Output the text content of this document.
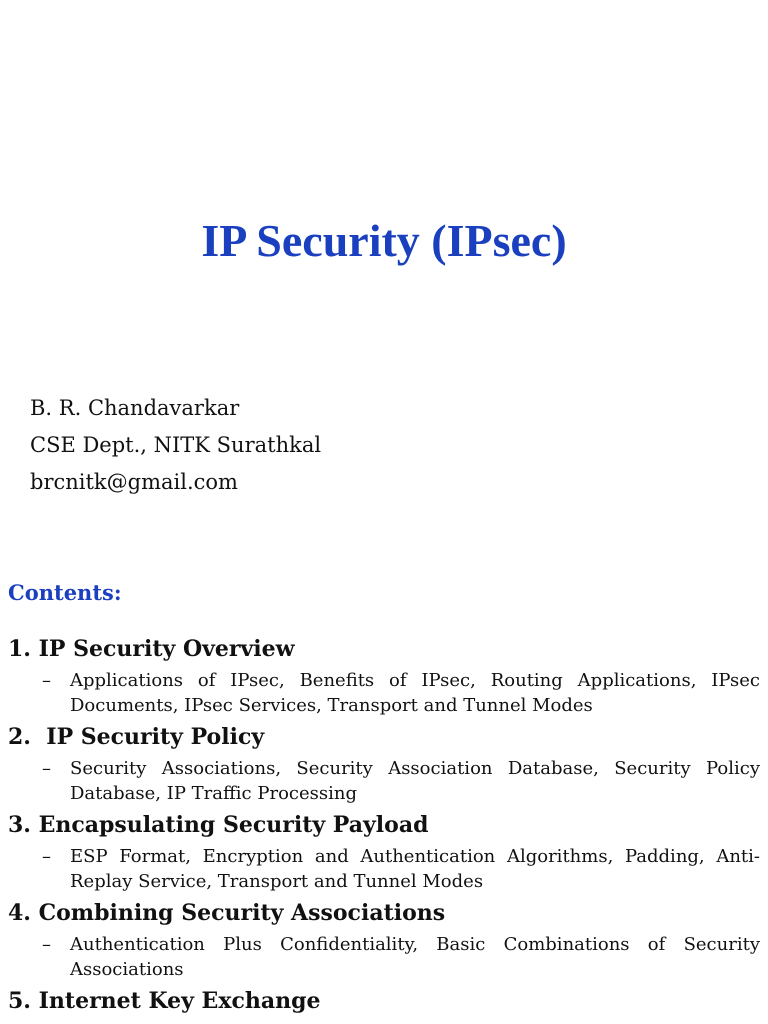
IP Security (IPsec)
B. R. Chandavarkar
CSE Dept., NITK Surathkal
brcnitk@gmail.com
Contents:
1. IP Security Overview
–	Applications of IPsec, Benefits of IPsec, Routing Applications, IPsec Documents, IPsec Services, Transport and Tunnel Modes
2.  IP Security Policy
–	Security Associations, Security Association Database, Security Policy Database, IP Traffic Processing
3. Encapsulating Security Payload
–	ESP Format, Encryption and Authentication Algorithms, Padding, Anti-Replay Service, Transport and Tunnel Modes
4. Combining Security Associations
–	Authentication Plus Confidentiality, Basic Combinations of Security Associations
5. Internet Key Exchange
